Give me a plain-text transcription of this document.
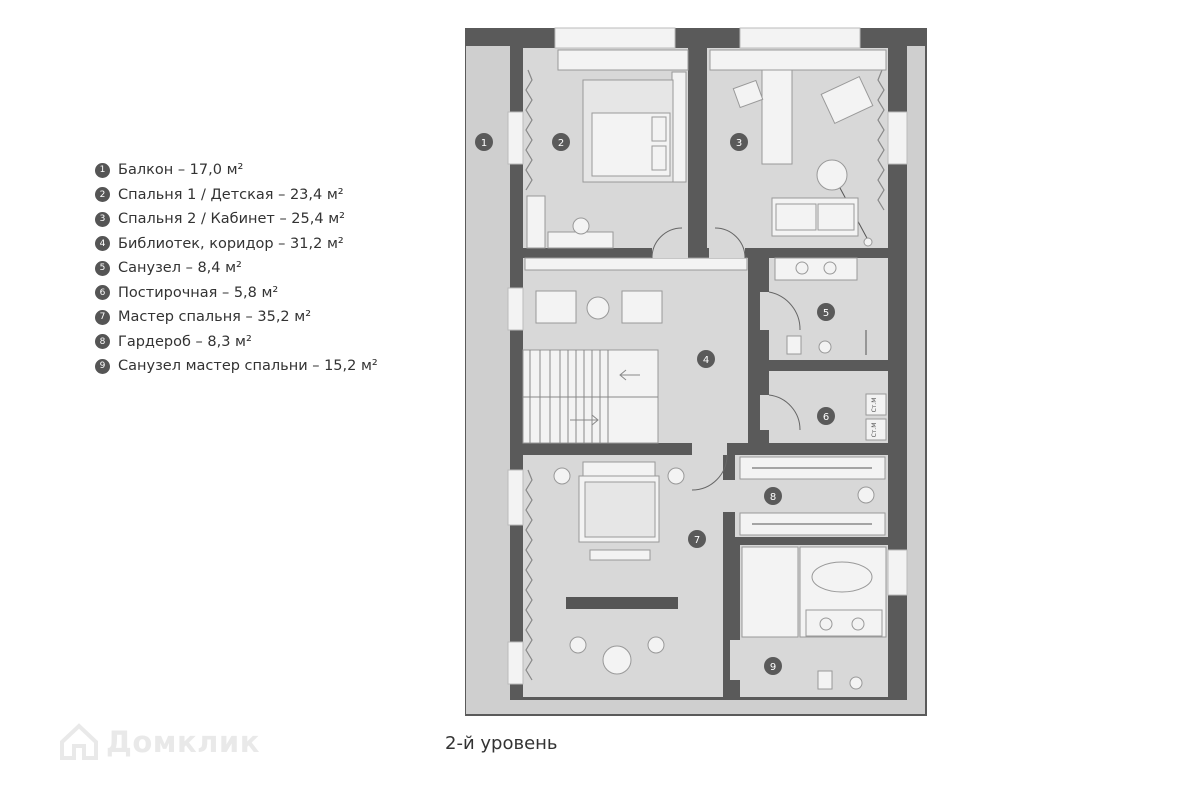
1 Балкон – 17,0 м²
2 Спальня 1 / Детская – 23,4 м²
3 Спальня 2 / Кабинет – 25,4 м²
4 Библиотек, коридор – 31,2 м²
5 Санузел – 8,4 м²
6 Постирочная – 5,8 м²
7 Мастер спальня – 35,2 м²
8 Гардероб – 8,3 м²
9 Санузел мастер спальни – 15,2 м²
Ст.М
Ст.М
1	2	3
4
5
6
7
8
9
2-й уровень
Домклик
